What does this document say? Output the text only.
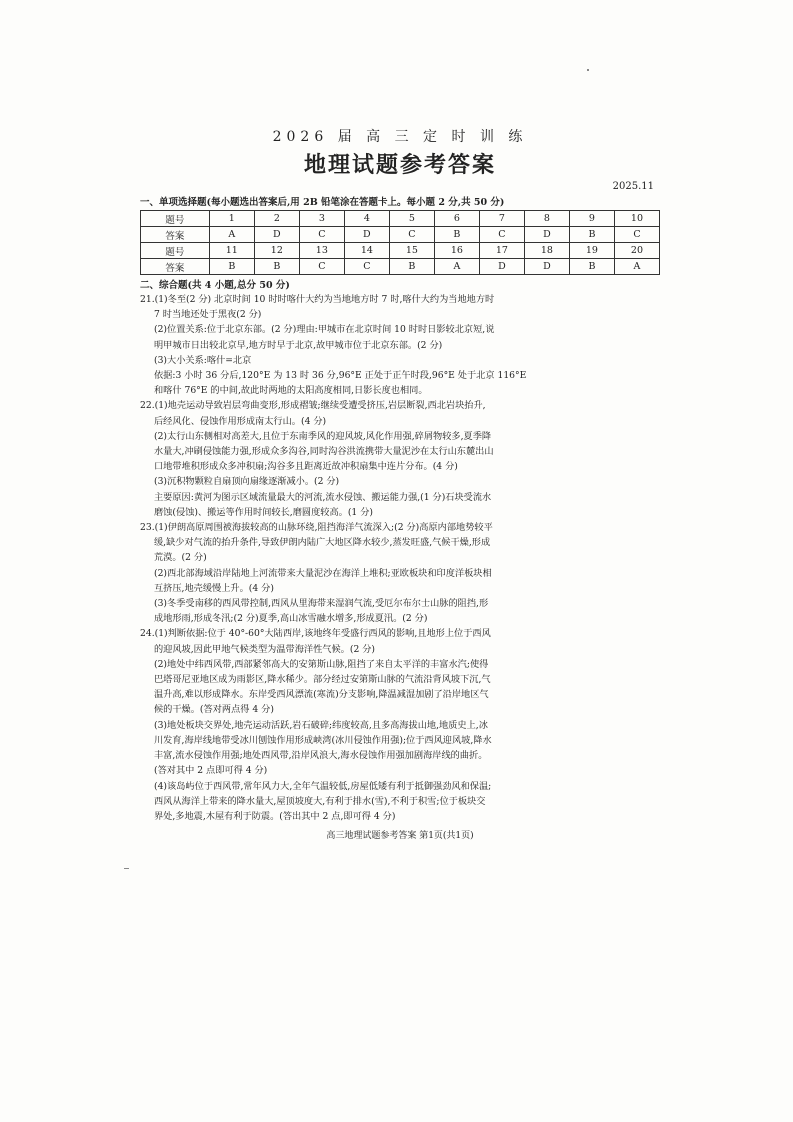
2026 届 高 三 定 时 训 练
地理试题参考答案
2025.11
一、单项选择题(每小题选出答案后,用 2B 铅笔涂在答题卡上。每小题 2 分,共 50 分)
题号	1	2	3	4	5	6	7	8	9	10
答案	A	D	C	D	C	B	C	D	B	C
题号	11	12	13	14	15	16	17	18	19	20
答案	B	B	C	C	B	A	D	D	B	A
二、综合题(共 4 小题,总分 50 分)
21.(1)冬至(2 分) 北京时间 10 时时喀什大约为当地地方时 7 时,喀什大约为当地地方时
7 时当地还处于黑夜(2 分)
(2)位置关系:位于北京东部。(2 分)理由:甲城市在北京时间 10 时时日影较北京短,说
明甲城市日出较北京早,地方时早于北京,故甲城市位于北京东部。(2 分)
(3)大小关系:喀什=北京
依据:3 小时 36 分后,120°E 为 13 时 36 分,96°E 正处于正午时段,96°E 处于北京 116°E
和喀什 76°E 的中间,故此时两地的太阳高度相同,日影长度也相同。
22.(1)地壳运动导致岩层弯曲变形,形成褶皱;继续受遭受挤压,岩层断裂,西北岩块抬升,
后经风化、侵蚀作用形成南太行山。(4 分)
(2)太行山东侧相对高差大,且位于东南季风的迎风坡,风化作用强,碎屑物较多,夏季降
水量大,冲刷侵蚀能力强,形成众多沟谷,同时沟谷洪流携带大量泥沙在太行山东麓出山
口地带堆积形成众多冲积扇;沟谷多且距离近故冲积扇集中连片分布。(4 分)
(3)沉积物颗粒自扇顶向扇缘逐渐减小。(2 分)
主要原因:黄河为图示区域流量最大的河流,流水侵蚀、搬运能力强,(1 分)石块受流水
磨蚀(侵蚀)、搬运等作用时间较长,磨圆度较高。(1 分)
23.(1)伊朗高原周围被海拔较高的山脉环绕,阻挡海洋气流深入;(2 分)高原内部地势较平
缓,缺少对气流的抬升条件,导致伊朗内陆广大地区降水较少,蒸发旺盛,气候干燥,形成
荒漠。(2 分)
(2)西北部海域沿岸陆地上河流带来大量泥沙在海洋上堆积;亚欧板块和印度洋板块相
互挤压,地壳缓慢上升。(4 分)
(3)冬季受南移的西风带控制,西风从里海带来湿润气流,受厄尔布尔士山脉的阻挡,形
成地形雨,形成冬汛;(2 分)夏季,高山冰雪融水增多,形成夏汛。(2 分)
24.(1)判断依据:位于 40°-60°大陆西岸,该地终年受盛行西风的影响,且地形上位于西风
的迎风坡,因此甲地气候类型为温带海洋性气候。(2 分)
(2)地处中纬西风带,西部紧邻高大的安第斯山脉,阻挡了来自太平洋的丰富水汽;使得
巴塔哥尼亚地区成为雨影区,降水稀少。部分经过安第斯山脉的气流沿背风坡下沉,气
温升高,难以形成降水。东岸受西风漂流(寒流)分支影响,降温减湿加剧了沿岸地区气
候的干燥。(答对两点得 4 分)
(3)地处板块交界处,地壳运动活跃,岩石破碎;纬度较高,且多高海拔山地,地质史上,冰
川发育,海岸线地带受冰川刨蚀作用形成峡湾(冰川侵蚀作用强);位于西风迎风坡,降水
丰富,流水侵蚀作用强;地处西风带,沿岸风浪大,海水侵蚀作用强加剧海岸线的曲折。
(答对其中 2 点即可得 4 分)
(4)该岛屿位于西风带,常年风力大,全年气温较低,房屋低矮有利于抵御强劲风和保温;
西风从海洋上带来的降水量大,屋顶坡度大,有利于排水(雪),不利于积雪;位于板块交
界处,多地震,木屋有利于防震。(答出其中 2 点,即可得 4 分)
高三地理试题参考答案 第1页(共1页)
